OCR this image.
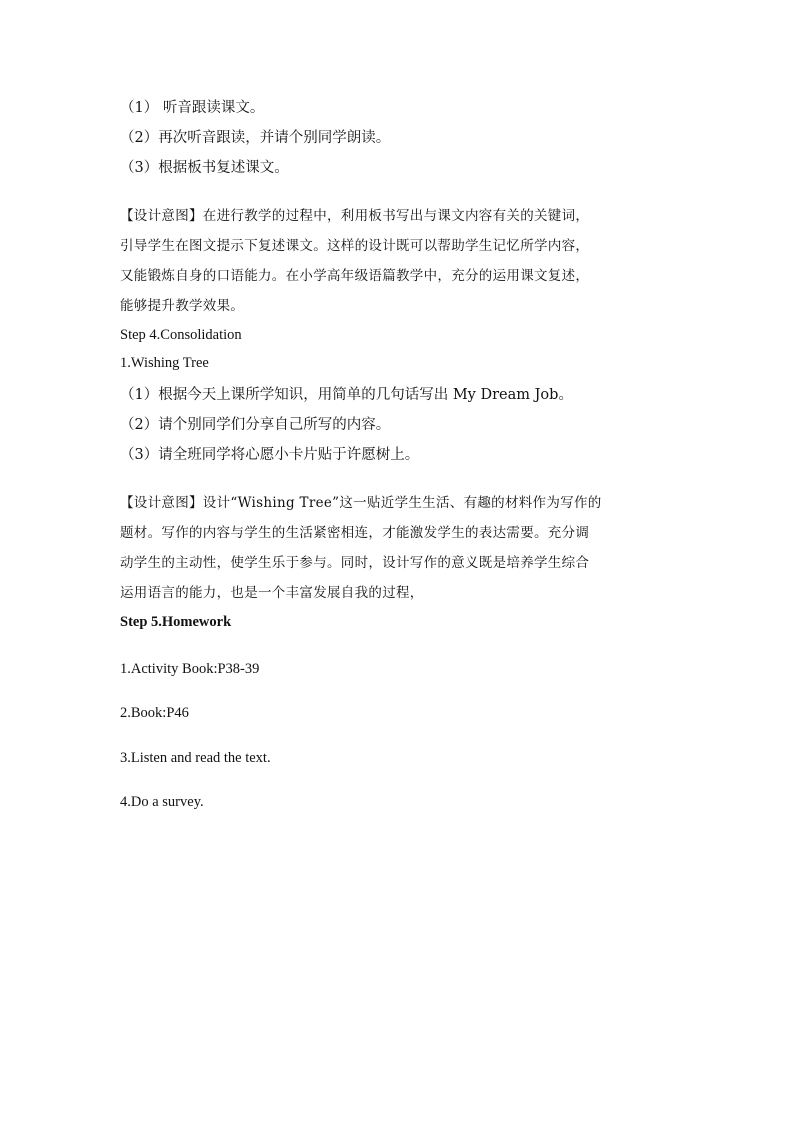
（1） 听音跟读课文。
（2）再次听音跟读，并请个别同学朗读。
（3）根据板书复述课文。
【设计意图】在进行教学的过程中，利用板书写出与课文内容有关的关键词，
引导学生在图文提示下复述课文。这样的设计既可以帮助学生记忆所学内容，
又能锻炼自身的口语能力。在小学高年级语篇教学中，充分的运用课文复述，
能够提升教学效果。
Step 4.Consolidation
1.Wishing Tree
（1）根据今天上课所学知识，用简单的几句话写出 My Dream Job。
（2）请个别同学们分享自己所写的内容。
（3）请全班同学将心愿小卡片贴于许愿树上。
【设计意图】设计“Wishing Tree”这一贴近学生生活、有趣的材料作为写作的
题材。写作的内容与学生的生活紧密相连，才能激发学生的表达需要。充分调
动学生的主动性，使学生乐于参与。同时，设计写作的意义既是培养学生综合
运用语言的能力，也是一个丰富发展自我的过程，
Step 5.Homework
1.Activity Book:P38-39
2.Book:P46
3.Listen and read the text.
4.Do a survey.
